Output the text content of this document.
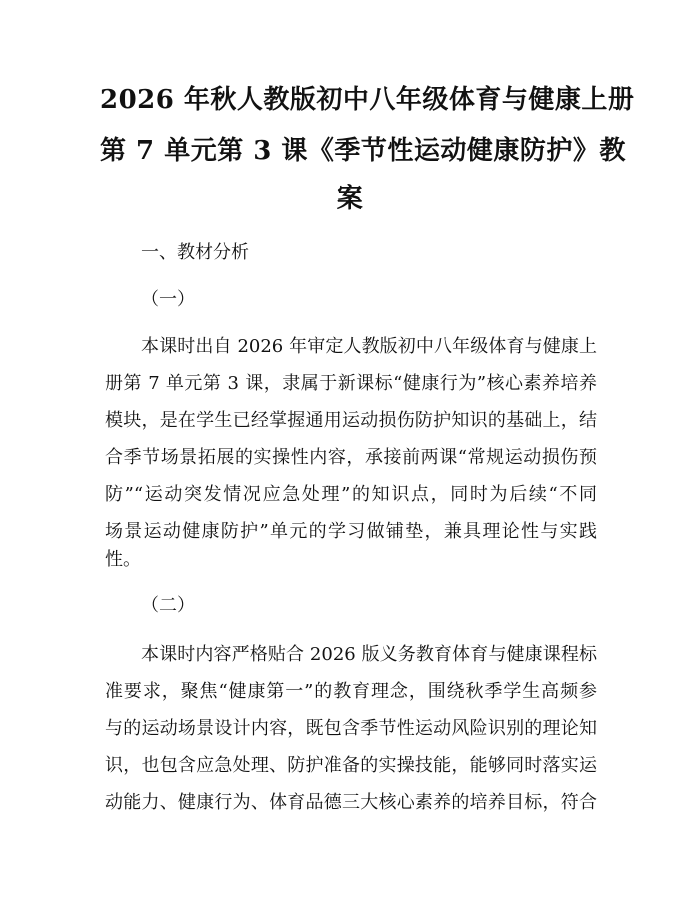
2026 年秋人教版初中八年级体育与健康上册
第 7 单元第 3 课《季节性运动健康防护》教
案
一、教材分析
（一）
本课时出自 2026 年审定人教版初中八年级体育与健康上
册第 7 单元第 3 课，隶属于新课标“健康行为”核心素养培养
模块，是在学生已经掌握通用运动损伤防护知识的基础上，结
合季节场景拓展的实操性内容，承接前两课“常规运动损伤预
防”“运动突发情况应急处理”的知识点，同时为后续“不同
场景运动健康防护”单元的学习做铺垫，兼具理论性与实践
性。
（二）
本课时内容严格贴合 2026 版义务教育体育与健康课程标
准要求，聚焦“健康第一”的教育理念，围绕秋季学生高频参
与的运动场景设计内容，既包含季节性运动风险识别的理论知
识，也包含应急处理、防护准备的实操技能，能够同时落实运
动能力、健康行为、体育品德三大核心素养的培养目标，符合
